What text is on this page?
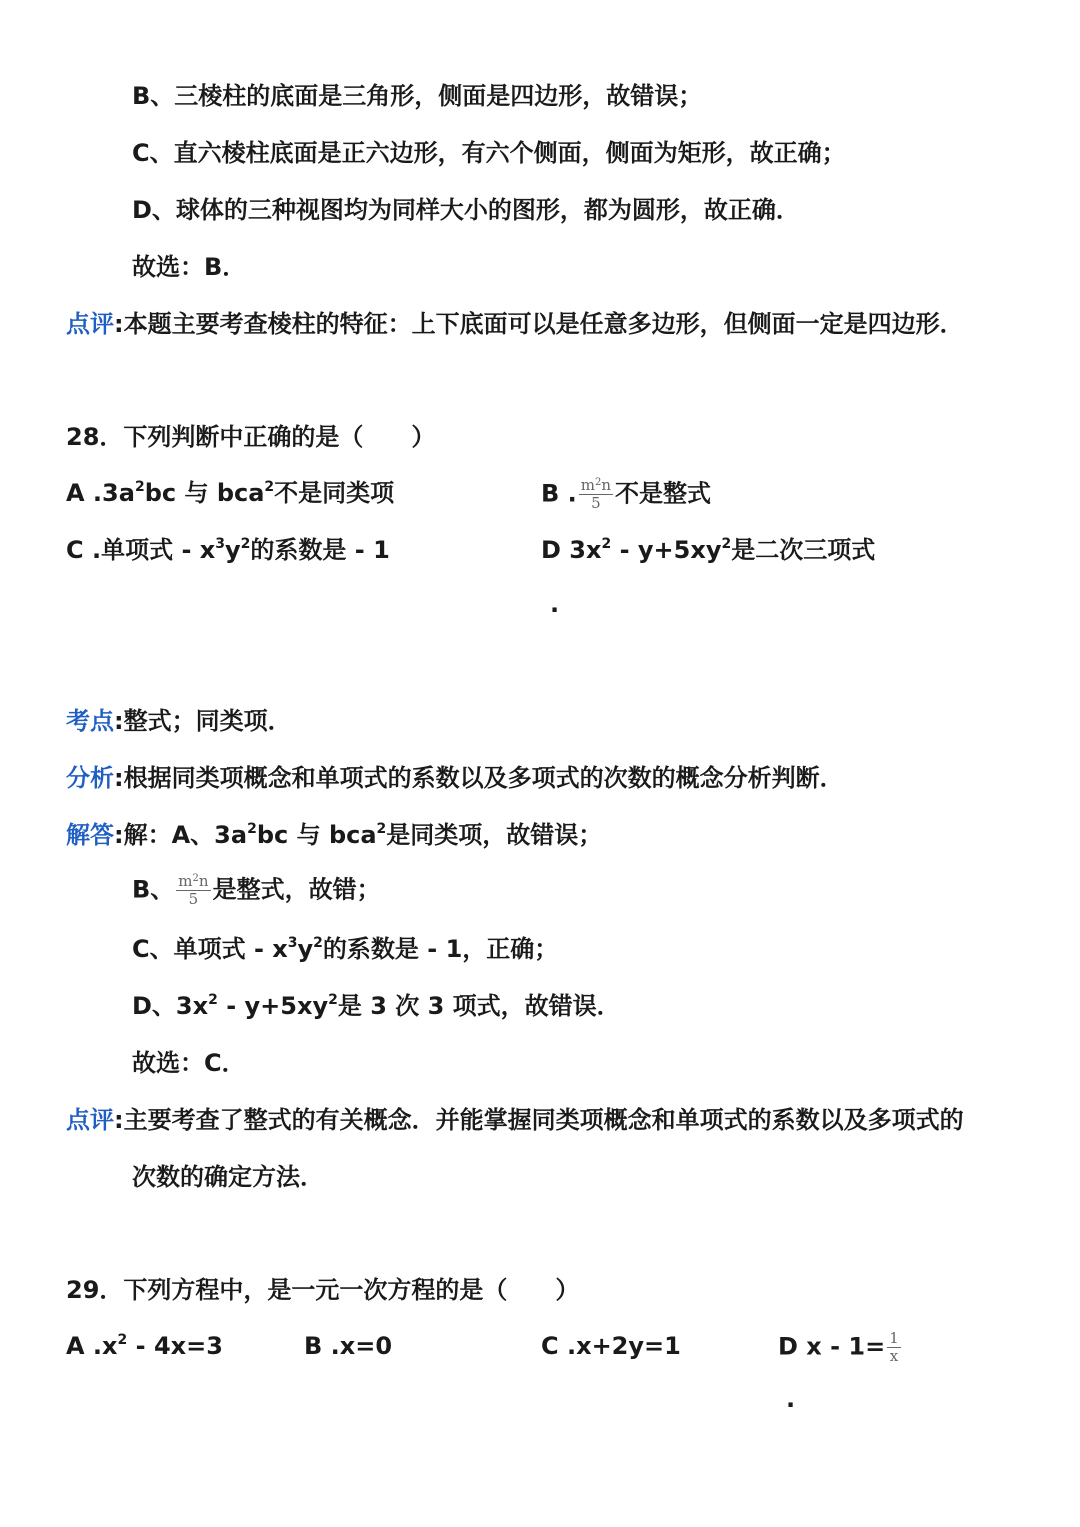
B、三棱柱的底面是三角形，侧面是四边形，故错误；
C、直六棱柱底面是正六边形，有六个侧面，侧面为矩形，故正确；
D、球体的三种视图均为同样大小的图形，都为圆形，故正确．
故选：B．
点评:本题主要考查棱柱的特征：上下底面可以是任意多边形，但侧面一定是四边形．
28．下列判断中正确的是（　　）
A $.3a^2bc$ 与 bca$^2$不是同类项	B . $\frac{m^2n}{5}$ 不是整式
C .单项式 - $x^3y^2$的系数是 - 1	D $3x^2 - y+5xy^2$是二次三项式
.
考点:整式；同类项．
分析:根据同类项概念和单项式的系数以及多项式的次数的概念分析判断．
解答:解：A、$3a^2bc$ 与 bca$^2$是同类项，故错误；
B、 $\frac{m^2n}{5}$ 是整式，故错；
C、单项式 - $x^3y^2$的系数是 - 1，正确；
D、$3x^2 - y+5xy^2$是 3 次 3 项式，故错误．
故选：C．
点评:主要考查了整式的有关概念．并能掌握同类项概念和单项式的系数以及多项式的
次数的确定方法．
29．下列方程中，是一元一次方程的是（　　）
A $.x^2 - 4x=3$	B .x=0	C .x+2y=1	D $x - 1= \frac{1}{x}$
.
